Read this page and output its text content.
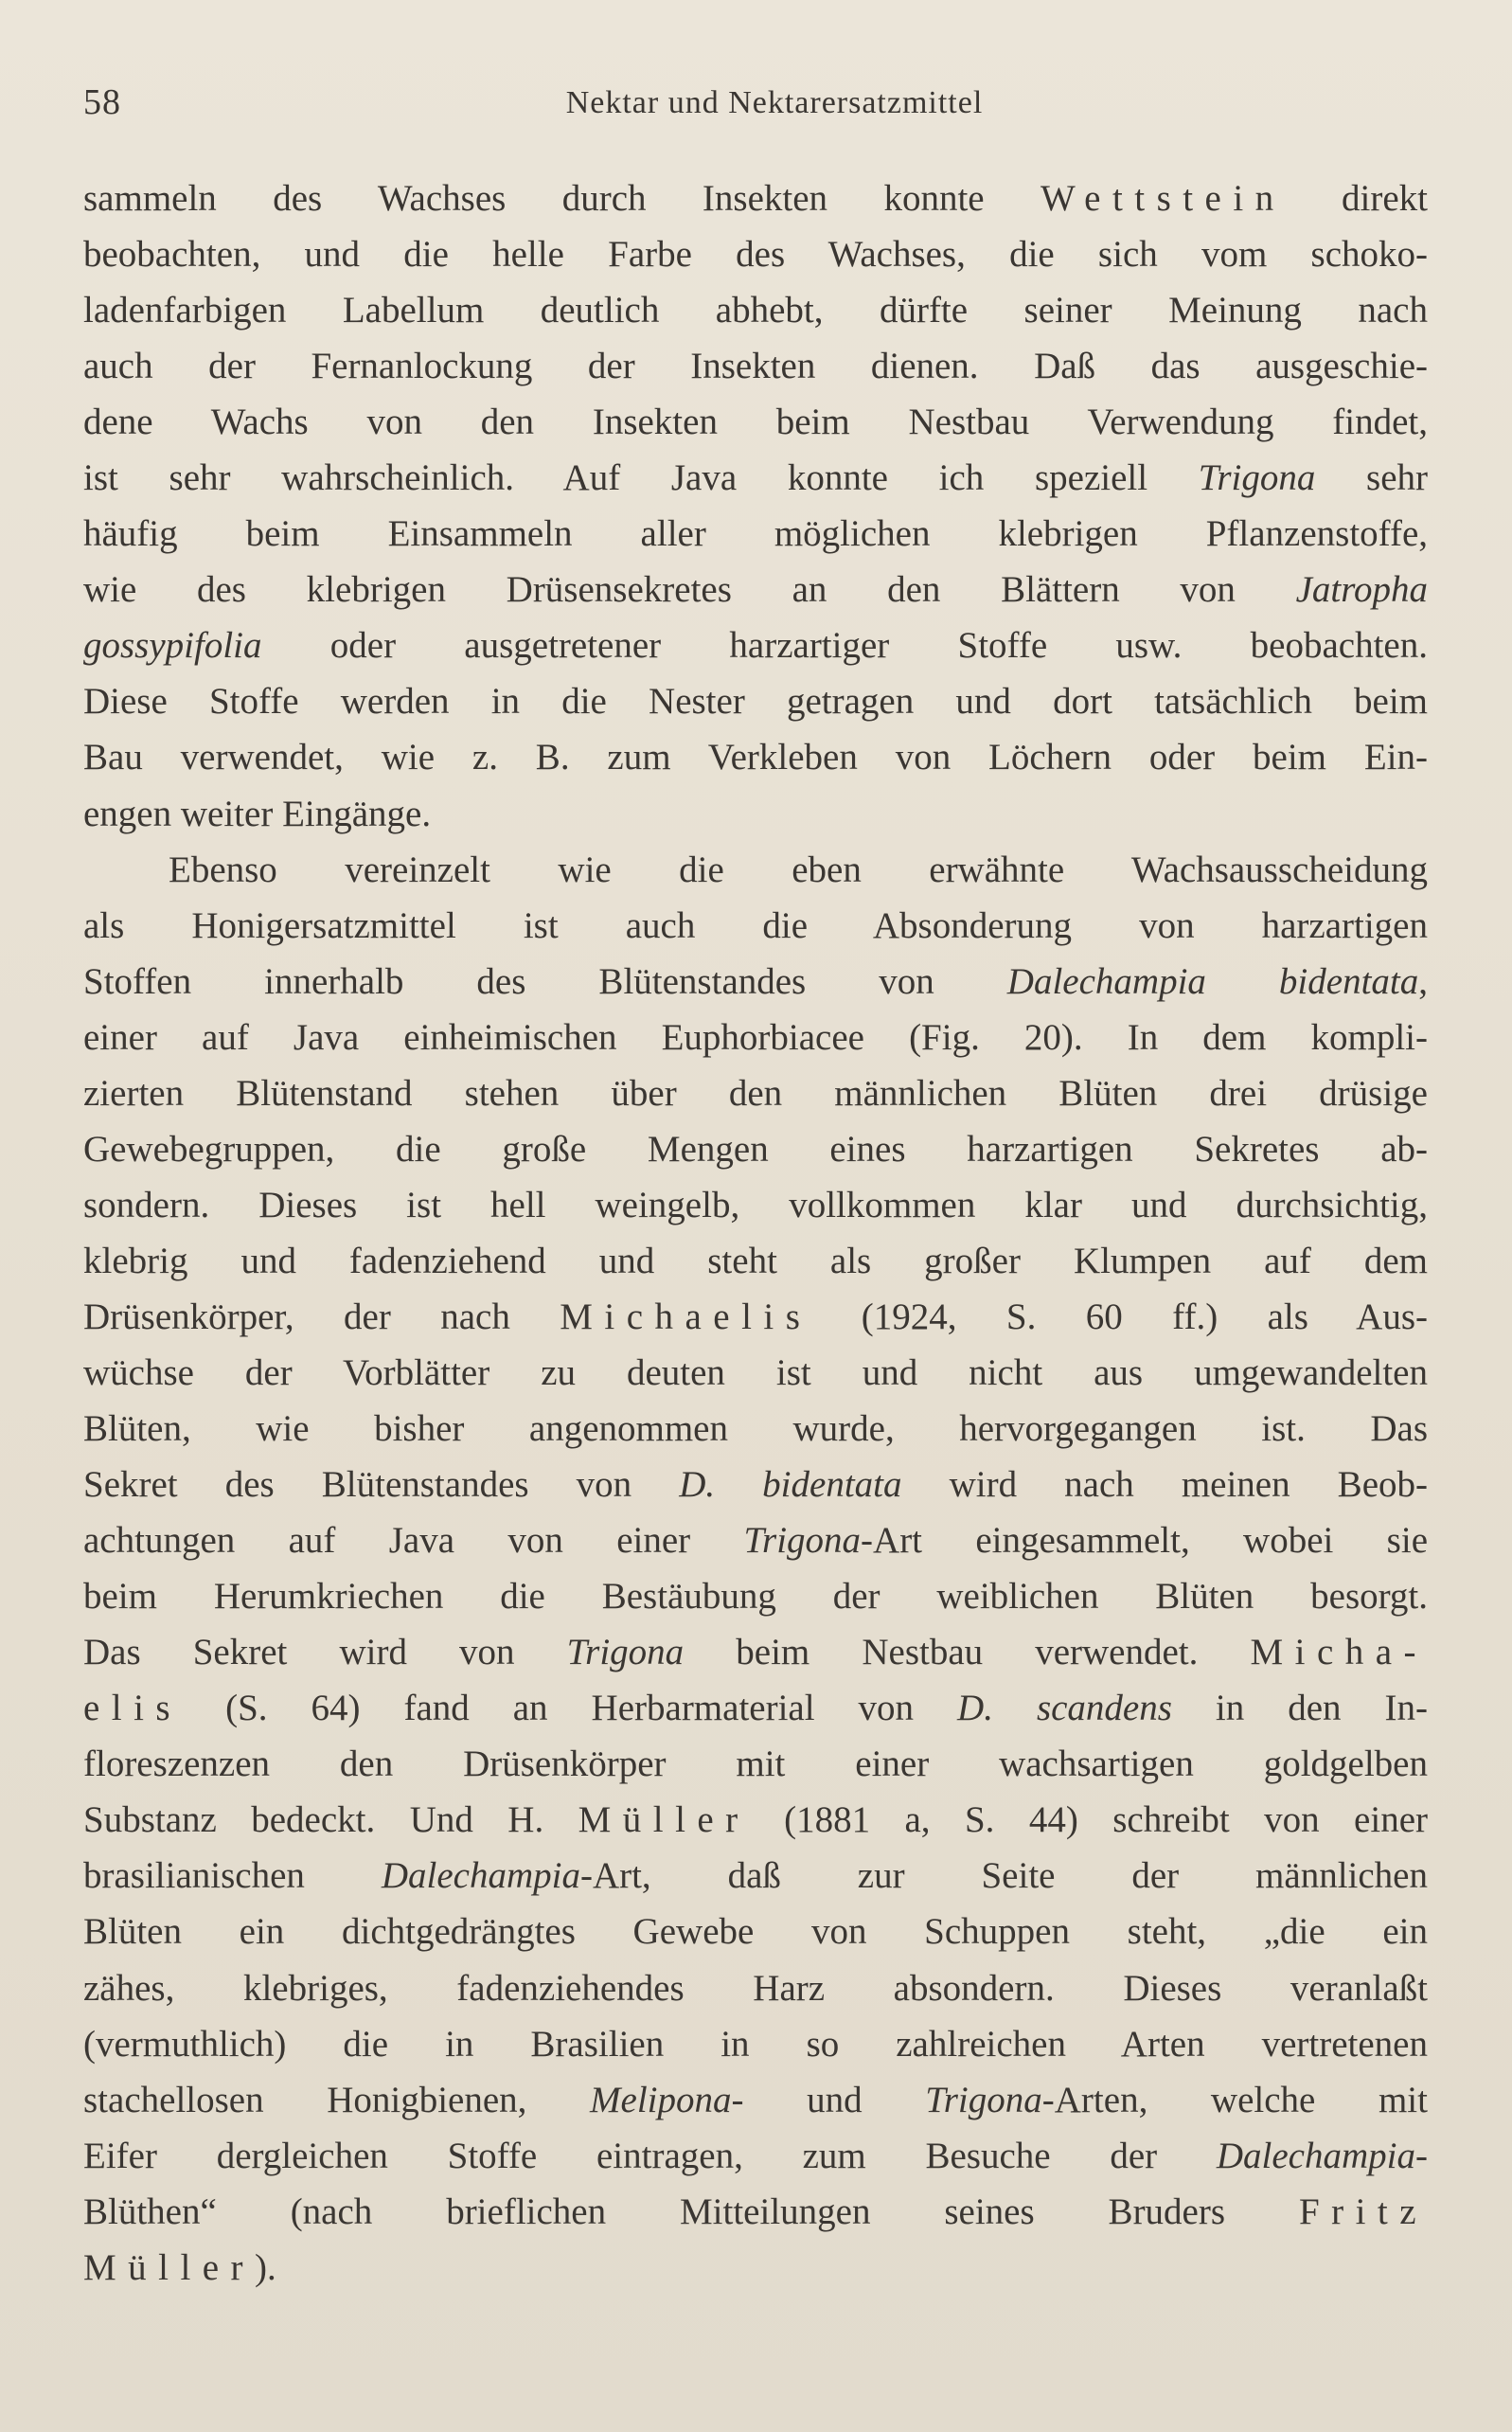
58	Nektar und Nektarersatzmittel
sammeln des Wachses durch Insekten konnte Wettstein direkt
beobachten, und die helle Farbe des Wachses, die sich vom schoko-
ladenfarbigen Labellum deutlich abhebt, dürfte seiner Meinung nach
auch der Fernanlockung der Insekten dienen. Daß das ausgeschie-
dene Wachs von den Insekten beim Nestbau Verwendung findet,
ist sehr wahrscheinlich. Auf Java konnte ich speziell Trigona sehr
häufig beim Einsammeln aller möglichen klebrigen Pflanzenstoffe,
wie des klebrigen Drüsensekretes an den Blättern von Jatropha
gossypifolia oder ausgetretener harzartiger Stoffe usw. beobachten.
Diese Stoffe werden in die Nester getragen und dort tatsächlich beim
Bau verwendet, wie z. B. zum Verkleben von Löchern oder beim Ein-
engen weiter Eingänge.
Ebenso vereinzelt wie die eben erwähnte Wachsausscheidung
als Honigersatzmittel ist auch die Absonderung von harzartigen
Stoffen innerhalb des Blütenstandes von Dalechampia bidentata,
einer auf Java einheimischen Euphorbiacee (Fig. 20). In dem kompli-
zierten Blütenstand stehen über den männlichen Blüten drei drüsige
Gewebegruppen, die große Mengen eines harzartigen Sekretes ab-
sondern. Dieses ist hell weingelb, vollkommen klar und durchsichtig,
klebrig und fadenziehend und steht als großer Klumpen auf dem
Drüsenkörper, der nach Michaelis (1924, S. 60 ff.) als Aus-
wüchse der Vorblätter zu deuten ist und nicht aus umgewandelten
Blüten, wie bisher angenommen wurde, hervorgegangen ist. Das
Sekret des Blütenstandes von D. bidentata wird nach meinen Beob-
achtungen auf Java von einer Trigona-Art eingesammelt, wobei sie
beim Herumkriechen die Bestäubung der weiblichen Blüten besorgt.
Das Sekret wird von Trigona beim Nestbau verwendet. Micha-
elis (S. 64) fand an Herbarmaterial von D. scandens in den In-
floreszenzen den Drüsenkörper mit einer wachsartigen goldgelben
Substanz bedeckt. Und H. Müller (1881 a, S. 44) schreibt von einer
brasilianischen Dalechampia-Art, daß zur Seite der männlichen
Blüten ein dichtgedrängtes Gewebe von Schuppen steht, „die ein
zähes, klebriges, fadenziehendes Harz absondern. Dieses veranlaßt
(vermuthlich) die in Brasilien in so zahlreichen Arten vertretenen
stachellosen Honigbienen, Melipona- und Trigona-Arten, welche mit
Eifer dergleichen Stoffe eintragen, zum Besuche der Dalechampia-
Blüthen“ (nach brieflichen Mitteilungen seines Bruders Fritz
Müller).
